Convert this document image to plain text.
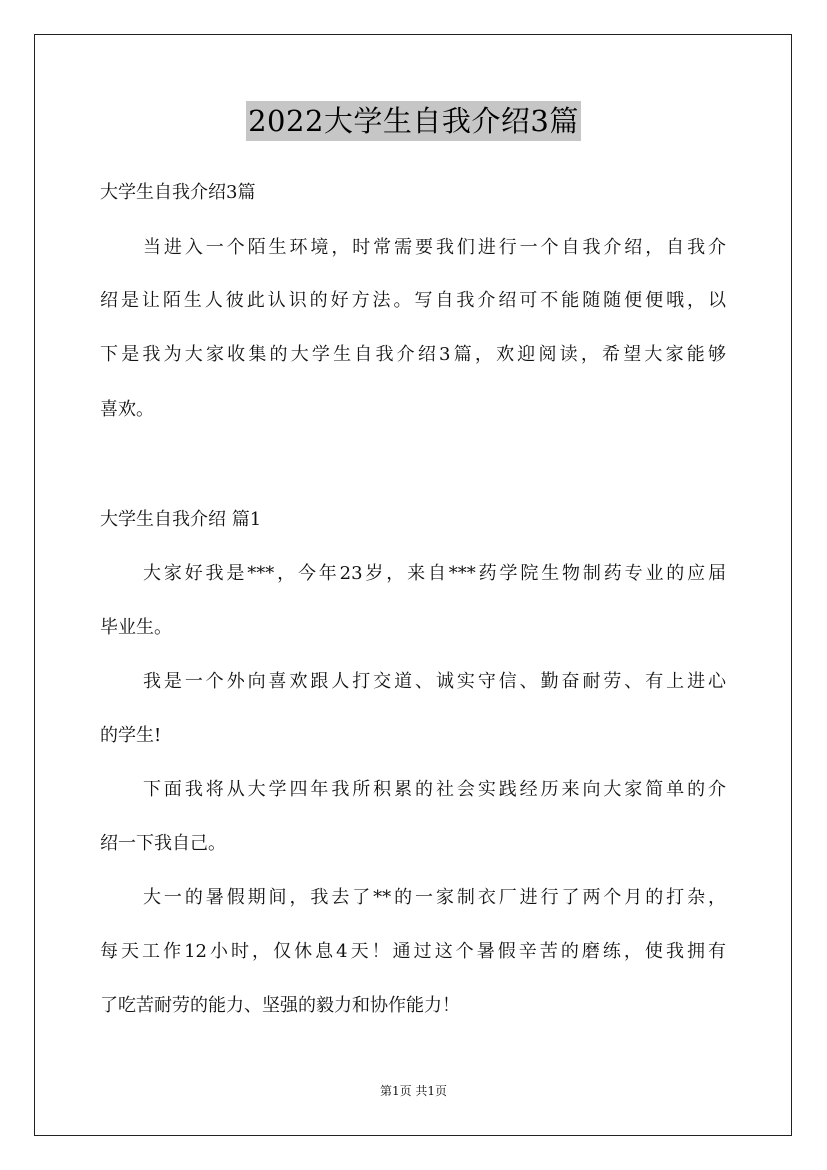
2022大学生自我介绍3篇
大学生自我介绍3篇
当进入一个陌生环境，时常需要我们进行一个自我介绍，自我介
绍是让陌生人彼此认识的好方法。写自我介绍可不能随随便便哦，以
下是我为大家收集的大学生自我介绍3篇，欢迎阅读，希望大家能够
喜欢。
大学生自我介绍 篇1
大家好我是***，今年23岁，来自***药学院生物制药专业的应届
毕业生。
我是一个外向喜欢跟人打交道、诚实守信、勤奋耐劳、有上进心
的学生!
下面我将从大学四年我所积累的社会实践经历来向大家简单的介
绍一下我自己。
大一的暑假期间，我去了**的一家制衣厂进行了两个月的打杂，
每天工作12小时，仅休息4天！通过这个暑假辛苦的磨练，使我拥有
了吃苦耐劳的能力、坚强的毅力和协作能力！
第1页 共1页
